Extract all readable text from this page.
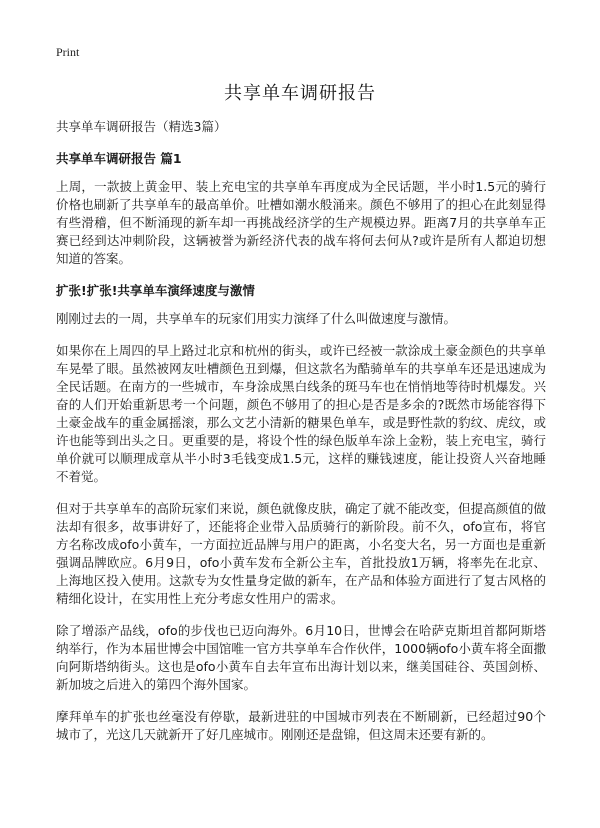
Print
共享单车调研报告

共享单车调研报告（精选3篇）

共享单车调研报告 篇1

上周，一款披上黄金甲、装上充电宝的共享单车再度成为全民话题，半小时1.5元的骑行价格也刷新了共享单车的最高单价。吐槽如潮水般涌来。颜色不够用了的担心在此刻显得有些滑稽，但不断涌现的新车却一再挑战经济学的生产规模边界。距离7月的共享单车正赛已经到达冲刺阶段，这辆被誉为新经济代表的战车将何去何从?或许是所有人都迫切想知道的答案。

扩张!扩张!共享单车演绎速度与激情

刚刚过去的一周，共享单车的玩家们用实力演绎了什么叫做速度与激情。

如果你在上周四的早上路过北京和杭州的街头，或许已经被一款涂成土豪金颜色的共享单车晃晕了眼。虽然被网友吐槽颜色丑到爆，但这款名为酷骑单车的共享单车还是迅速成为全民话题。在南方的一些城市，车身涂成黑白线条的斑马车也在悄悄地等待时机爆发。兴奋的人们开始重新思考一个问题，颜色不够用了的担心是否是多余的?既然市场能容得下土豪金战车的重金属摇滚，那么文艺小清新的糖果色单车，或是野性款的豹纹、虎纹，或许也能等到出头之日。更重要的是，将设个性的绿色版单车涂上金粉，装上充电宝，骑行单价就可以顺理成章从半小时3毛钱变成1.5元，这样的赚钱速度，能让投资人兴奋地睡不着觉。

但对于共享单车的高阶玩家们来说，颜色就像皮肤，确定了就不能改变，但提高颜值的做法却有很多，故事讲好了，还能将企业带入品质骑行的新阶段。前不久，ofo宣布，将官方名称改成ofo小黄车，一方面拉近品牌与用户的距离，小名变大名，另一方面也是重新强调品牌欧应。6月9日，ofo小黄车发布全新公主车，首批投放1万辆，将率先在北京、上海地区投入使用。这款专为女性量身定做的新车，在产品和体验方面进行了复古风格的精细化设计，在实用性上充分考虑女性用户的需求。

除了增添产品线，ofo的步伐也已迈向海外。6月10日，世博会在哈萨克斯坦首都阿斯塔纳举行，作为本届世博会中国馆唯一官方共享单车合作伙伴，1000辆ofo小黄车将全面撒向阿斯塔纳街头。这也是ofo小黄车自去年宣布出海计划以来，继美国硅谷、英国剑桥、新加坡之后进入的第四个海外国家。

摩拜单车的扩张也丝毫没有停歇，最新进驻的中国城市列表在不断刷新，已经超过90个城市了，光这几天就新开了好几座城市。刚刚还是盘锦，但这周末还要有新的。
